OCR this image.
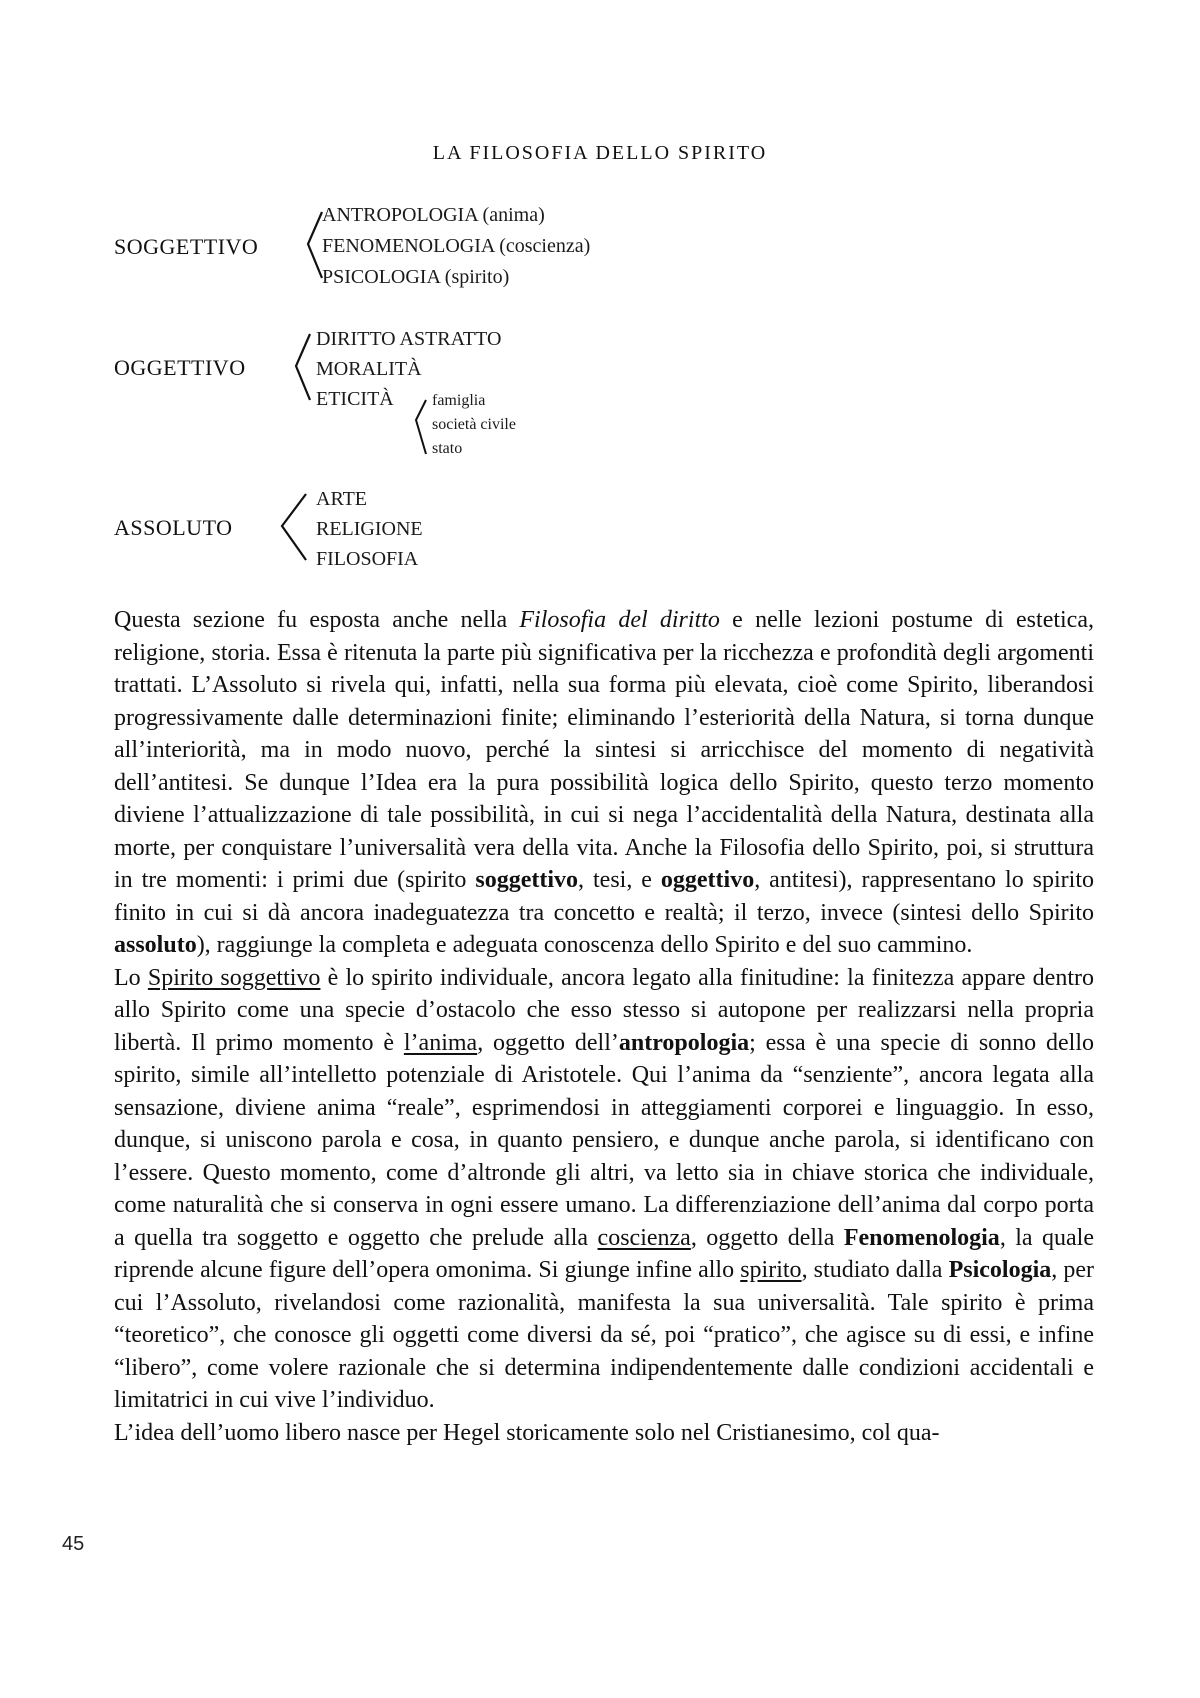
LA FILOSOFIA DELLO SPIRITO
SOGGETTIVO
ANTROPOLOGIA (anima)
FENOMENOLOGIA (coscienza)
PSICOLOGIA (spirito)
OGGETTIVO
DIRITTO ASTRATTO
MORALITÀ
ETICITÀ famiglia
società civile
stato
ASSOLUTO
ARTE
RELIGIONE
FILOSOFIA

Questa sezione fu esposta anche nella Filosofia del diritto e nelle lezioni postume di estetica, religione, storia. Essa è ritenuta la parte più significativa per la ricchezza e profondità degli argomenti trattati. L’Assoluto si rivela qui, infatti, nella sua forma più elevata, cioè come Spirito, liberandosi progressivamente dalle determinazioni finite; eliminando l’esteriorità della Natura, si torna dunque all’interiorità, ma in modo nuovo, perché la sintesi si arricchisce del momento di negatività dell’antitesi. Se dunque l’Idea era la pura possibilità logica dello Spirito, questo terzo momento diviene l’attualizzazione di tale possibilità, in cui si nega l’accidentalità della Natura, destinata alla morte, per conquistare l’universalità vera della vita. Anche la Filosofia dello Spirito, poi, si struttura in tre momenti: i primi due (spirito soggettivo, tesi, e oggettivo, antitesi), rappresentano lo spirito finito in cui si dà ancora inadeguatezza tra concetto e realtà; il terzo, invece (sintesi dello Spirito assoluto), raggiunge la completa e adeguata conoscenza dello Spirito e del suo cammino.

Lo Spirito soggettivo è lo spirito individuale, ancora legato alla finitudine: la finitezza appare dentro allo Spirito come una specie d’ostacolo che esso stesso si autopone per realizzarsi nella propria libertà. Il primo momento è l’anima, oggetto dell’antropologia; essa è una specie di sonno dello spirito, simile all’intelletto potenziale di Aristotele. Qui l’anima da “senziente”, ancora legata alla sensazione, diviene anima “reale”, esprimendosi in atteggiamenti corporei e linguaggio. In esso, dunque, si uniscono parola e cosa, in quanto pensiero, e dunque anche parola, si identificano con l’essere. Questo momento, come d’altronde gli altri, va letto sia in chiave storica che individuale, come naturalità che si conserva in ogni essere umano. La differenziazione dell’anima dal corpo porta a quella tra soggetto e oggetto che prelude alla coscienza, oggetto della Fenomenologia, la quale riprende alcune figure dell’opera omonima. Si giunge infine allo spirito, studiato dalla Psicologia, per cui l’Assoluto, rivelandosi come razionalità, manifesta la sua universalità. Tale spirito è prima “teoretico”, che conosce gli oggetti come diversi da sé, poi “pratico”, che agisce su di essi, e infine “libero”, come volere razionale che si determina indipendentemente dalle condizioni accidentali e limitatrici in cui vive l’individuo.

L’idea dell’uomo libero nasce per Hegel storicamente solo nel Cristianesimo, col qua-

45
